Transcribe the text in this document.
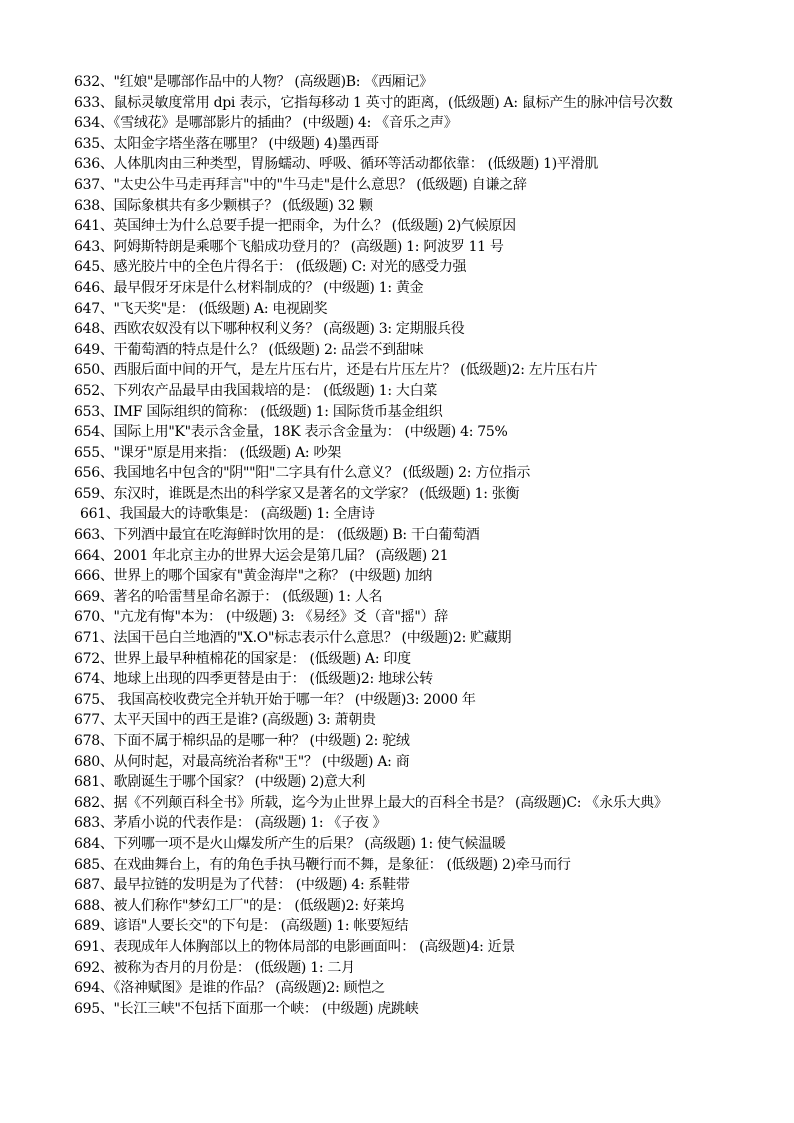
632、"红娘"是哪部作品中的人物？ (高级题)B: 《西厢记》
633、鼠标灵敏度常用 dpi 表示，它指每移动 1 英寸的距离，(低级题) A: 鼠标产生的脉冲信号次数
634、《雪绒花》是哪部影片的插曲？ (中级题) 4: 《音乐之声》
635、太阳金字塔坐落在哪里？ (中级题) 4)墨西哥
636、人体肌肉由三种类型，胃肠蠕动、呼吸、循环等活动都依靠： (低级题) 1)平滑肌
637、"太史公牛马走再拜言"中的"牛马走"是什么意思？ (低级题) 自谦之辞
638、国际象棋共有多少颗棋子？ (低级题) 32 颗
641、英国绅士为什么总要手提一把雨伞，为什么？ (低级题) 2)气候原因
643、阿姆斯特朗是乘哪个飞船成功登月的？ (高级题) 1: 阿波罗 11 号
645、感光胶片中的全色片得名于： (低级题) C: 对光的感受力强
646、最早假牙牙床是什么材料制成的？ (中级题) 1: 黄金
647、"飞天奖"是： (低级题) A: 电视剧奖
648、西欧农奴没有以下哪种权利义务？ (高级题) 3: 定期服兵役
649、干葡萄酒的特点是什么？ (低级题) 2: 品尝不到甜味
650、西服后面中间的开气，是左片压右片，还是右片压左片？ (低级题)2: 左片压右片
652、下列农产品最早由我国栽培的是： (低级题) 1: 大白菜
653、IMF 国际组织的简称： (低级题) 1: 国际货币基金组织
654、国际上用"K"表示含金量，18K 表示含金量为： (中级题) 4: 75%
655、"课牙"原是用来指： (低级题) A: 吵架
656、我国地名中包含的"阴""阳"二字具有什么意义？ (低级题) 2: 方位指示
659、东汉时，谁既是杰出的科学家又是著名的文学家？ (低级题) 1: 张衡
661、我国最大的诗歌集是： (高级题) 1: 全唐诗
663、下列酒中最宜在吃海鲜时饮用的是： (低级题) B: 干白葡萄酒
664、2001 年北京主办的世界大运会是第几届？ (高级题) 21
666、世界上的哪个国家有"黄金海岸"之称？ (中级题) 加纳
669、著名的哈雷彗星命名源于： (低级题) 1: 人名
670、"亢龙有悔"本为： (中级题) 3: 《易经》爻（音"摇"）辞
671、法国干邑白兰地酒的"X.O"标志表示什么意思？ (中级题)2: 贮藏期
672、世界上最早种植棉花的国家是： (低级题) A: 印度
674、地球上出现的四季更替是由于： (低级题)2: 地球公转
675、 我国高校收费完全并轨开始于哪一年？ (中级题)3: 2000 年
677、太平天国中的西王是谁? (高级题) 3: 萧朝贵
678、下面不属于棉织品的是哪一种？ (中级题) 2: 驼绒
680、从何时起，对最高统治者称"王"？ (中级题) A: 商
681、歌剧诞生于哪个国家？ (中级题) 2)意大利
682、据《不列颠百科全书》所载，迄今为止世界上最大的百科全书是？ (高级题)C: 《永乐大典》
683、茅盾小说的代表作是： (高级题) 1: 《子夜 》
684、下列哪一项不是火山爆发所产生的后果？ (高级题) 1: 使气候温暖
685、在戏曲舞台上，有的角色手执马鞭行而不舞，是象征： (低级题) 2)牵马而行
687、最早拉链的发明是为了代替： (中级题) 4: 系鞋带
688、被人们称作"梦幻工厂"的是： (低级题)2: 好莱坞
689、谚语"人要长交"的下句是： (高级题) 1: 帐要短结
691、表现成年人体胸部以上的物体局部的电影画面叫： (高级题)4: 近景
692、被称为杏月的月份是： (低级题) 1: 二月
694、《洛神赋图》是谁的作品？ (高级题)2: 顾恺之
695、"长江三峡"不包括下面那一个峡： (中级题) 虎跳峡
